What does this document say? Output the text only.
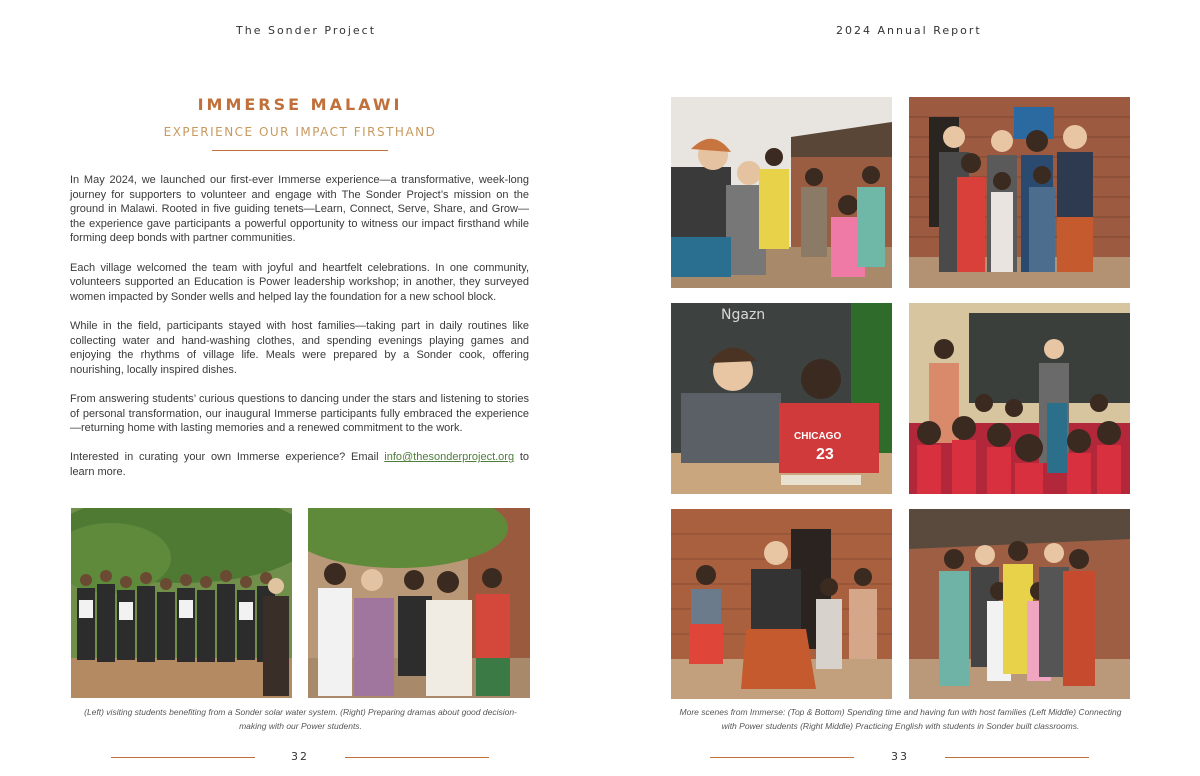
The Sonder Project	2024 Annual Report
IMMERSE MALAWI
EXPERIENCE OUR IMPACT FIRSTHAND

In May 2024, we launched our first-ever Immerse experience—a transformative, week-long journey for supporters to volunteer and engage with The Sonder Project’s mission on the ground in Malawi. Rooted in five guiding tenets—Learn, Connect, Serve, Share, and Grow—the experience gave participants a powerful opportunity to witness our impact firsthand while forming deep bonds with partner communities.

Each village welcomed the team with joyful and heartfelt celebrations. In one community, volunteers supported an Education is Power leadership workshop; in another, they surveyed women impacted by Sonder wells and helped lay the foundation for a new school block.

While in the field, participants stayed with host families—taking part in daily routines like collecting water and hand-washing clothes, and spending evenings playing games and enjoying the rhythms of village life. Meals were prepared by a Sonder cook, offering nourishing, locally inspired dishes.

From answering students’ curious questions to dancing under the stars and listening to stories of personal transformation, our inaugural Immerse participants fully embraced the experience—returning home with lasting memories and a renewed commitment to the work.

Interested in curating your own Immerse experience? Email info@thesonderproject.org to learn more.

(Left) visiting students benefiting from a Sonder solar water system. (Right) Preparing dramas about good decision-making with our Power students.
Ngazn
CHICAGO
23
More scenes from Immerse: (Top & Bottom) Spending time and having fun with host families (Left Middle) Connecting with Power students (Right Middle) Practicing English with students in Sonder built classrooms.
32	33
